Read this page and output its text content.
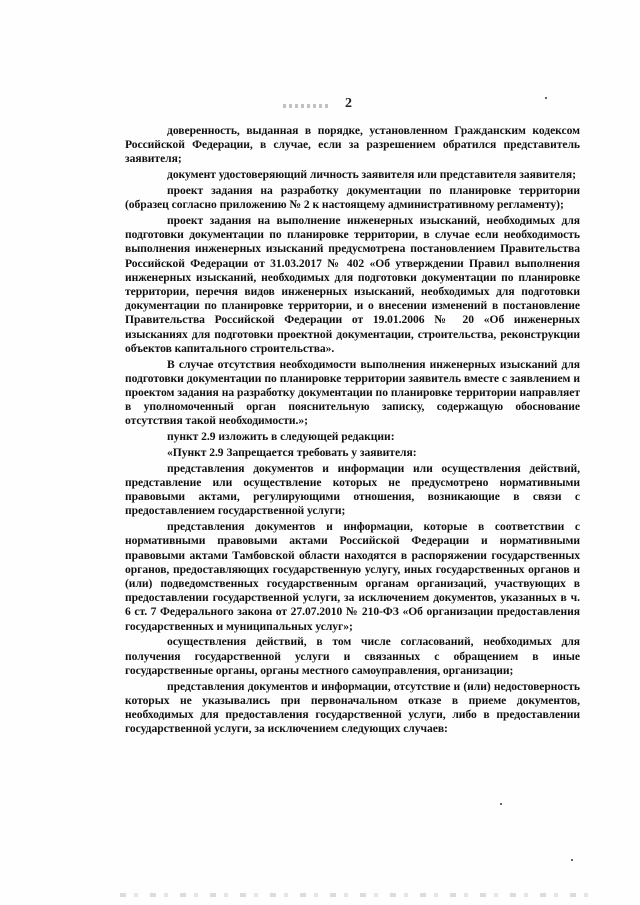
2

доверенность, выданная в порядке, установленном Гражданским кодексом Российской Федерации, в случае, если за разрешением обратился представитель заявителя;

документ удостоверяющий личность заявителя или представителя заявителя;

проект задания на разработку документации по планировке территории (образец согласно приложению № 2 к настоящему административному регламенту);

проект задания на выполнение инженерных изысканий, необходимых для подготовки документации по планировке территории, в случае если необходимость выполнения инженерных изысканий предусмотрена постановлением Правительства Российской Федерации от 31.03.2017 № 402 «Об утверждении Правил выполнения инженерных изысканий, необходимых для подготовки документации по планировке территории, перечня видов инженерных изысканий, необходимых для подготовки документации по планировке территории, и о внесении изменений в постановление Правительства Российской Федерации от 19.01.2006 № 20 «Об инженерных изысканиях для подготовки проектной документации, строительства, реконструкции объектов капитального строительства».

В случае отсутствия необходимости выполнения инженерных изысканий для подготовки документации по планировке территории заявитель вместе с заявлением и проектом задания на разработку документации по планировке территории направляет в уполномоченный орган пояснительную записку, содержащую обоснование отсутствия такой необходимости.»;

пункт 2.9 изложить в следующей редакции:

«Пункт 2.9 Запрещается требовать у заявителя:

представления документов и информации или осуществления действий, представление или осуществление которых не предусмотрено нормативными правовыми актами, регулирующими отношения, возникающие в связи с предоставлением государственной услуги;

представления документов и информации, которые в соответствии с нормативными правовыми актами Российской Федерации и нормативными правовыми актами Тамбовской области находятся в распоряжении государственных органов, предоставляющих государственную услугу, иных государственных органов и (или) подведомственных государственным органам организаций, участвующих в предоставлении государственной услуги, за исключением документов, указанных в ч. 6 ст. 7 Федерального закона от 27.07.2010 № 210-ФЗ «Об организации предоставления государственных и муниципальных услуг»;

осуществления действий, в том числе согласований, необходимых для получения государственной услуги и связанных с обращением в иные государственные органы, органы местного самоуправления, организации;

представления документов и информации, отсутствие и (или) недостоверность которых не указывались при первоначальном отказе в приеме документов, необходимых для предоставления государственной услуги, либо в предоставлении государственной услуги, за исключением следующих случаев:
